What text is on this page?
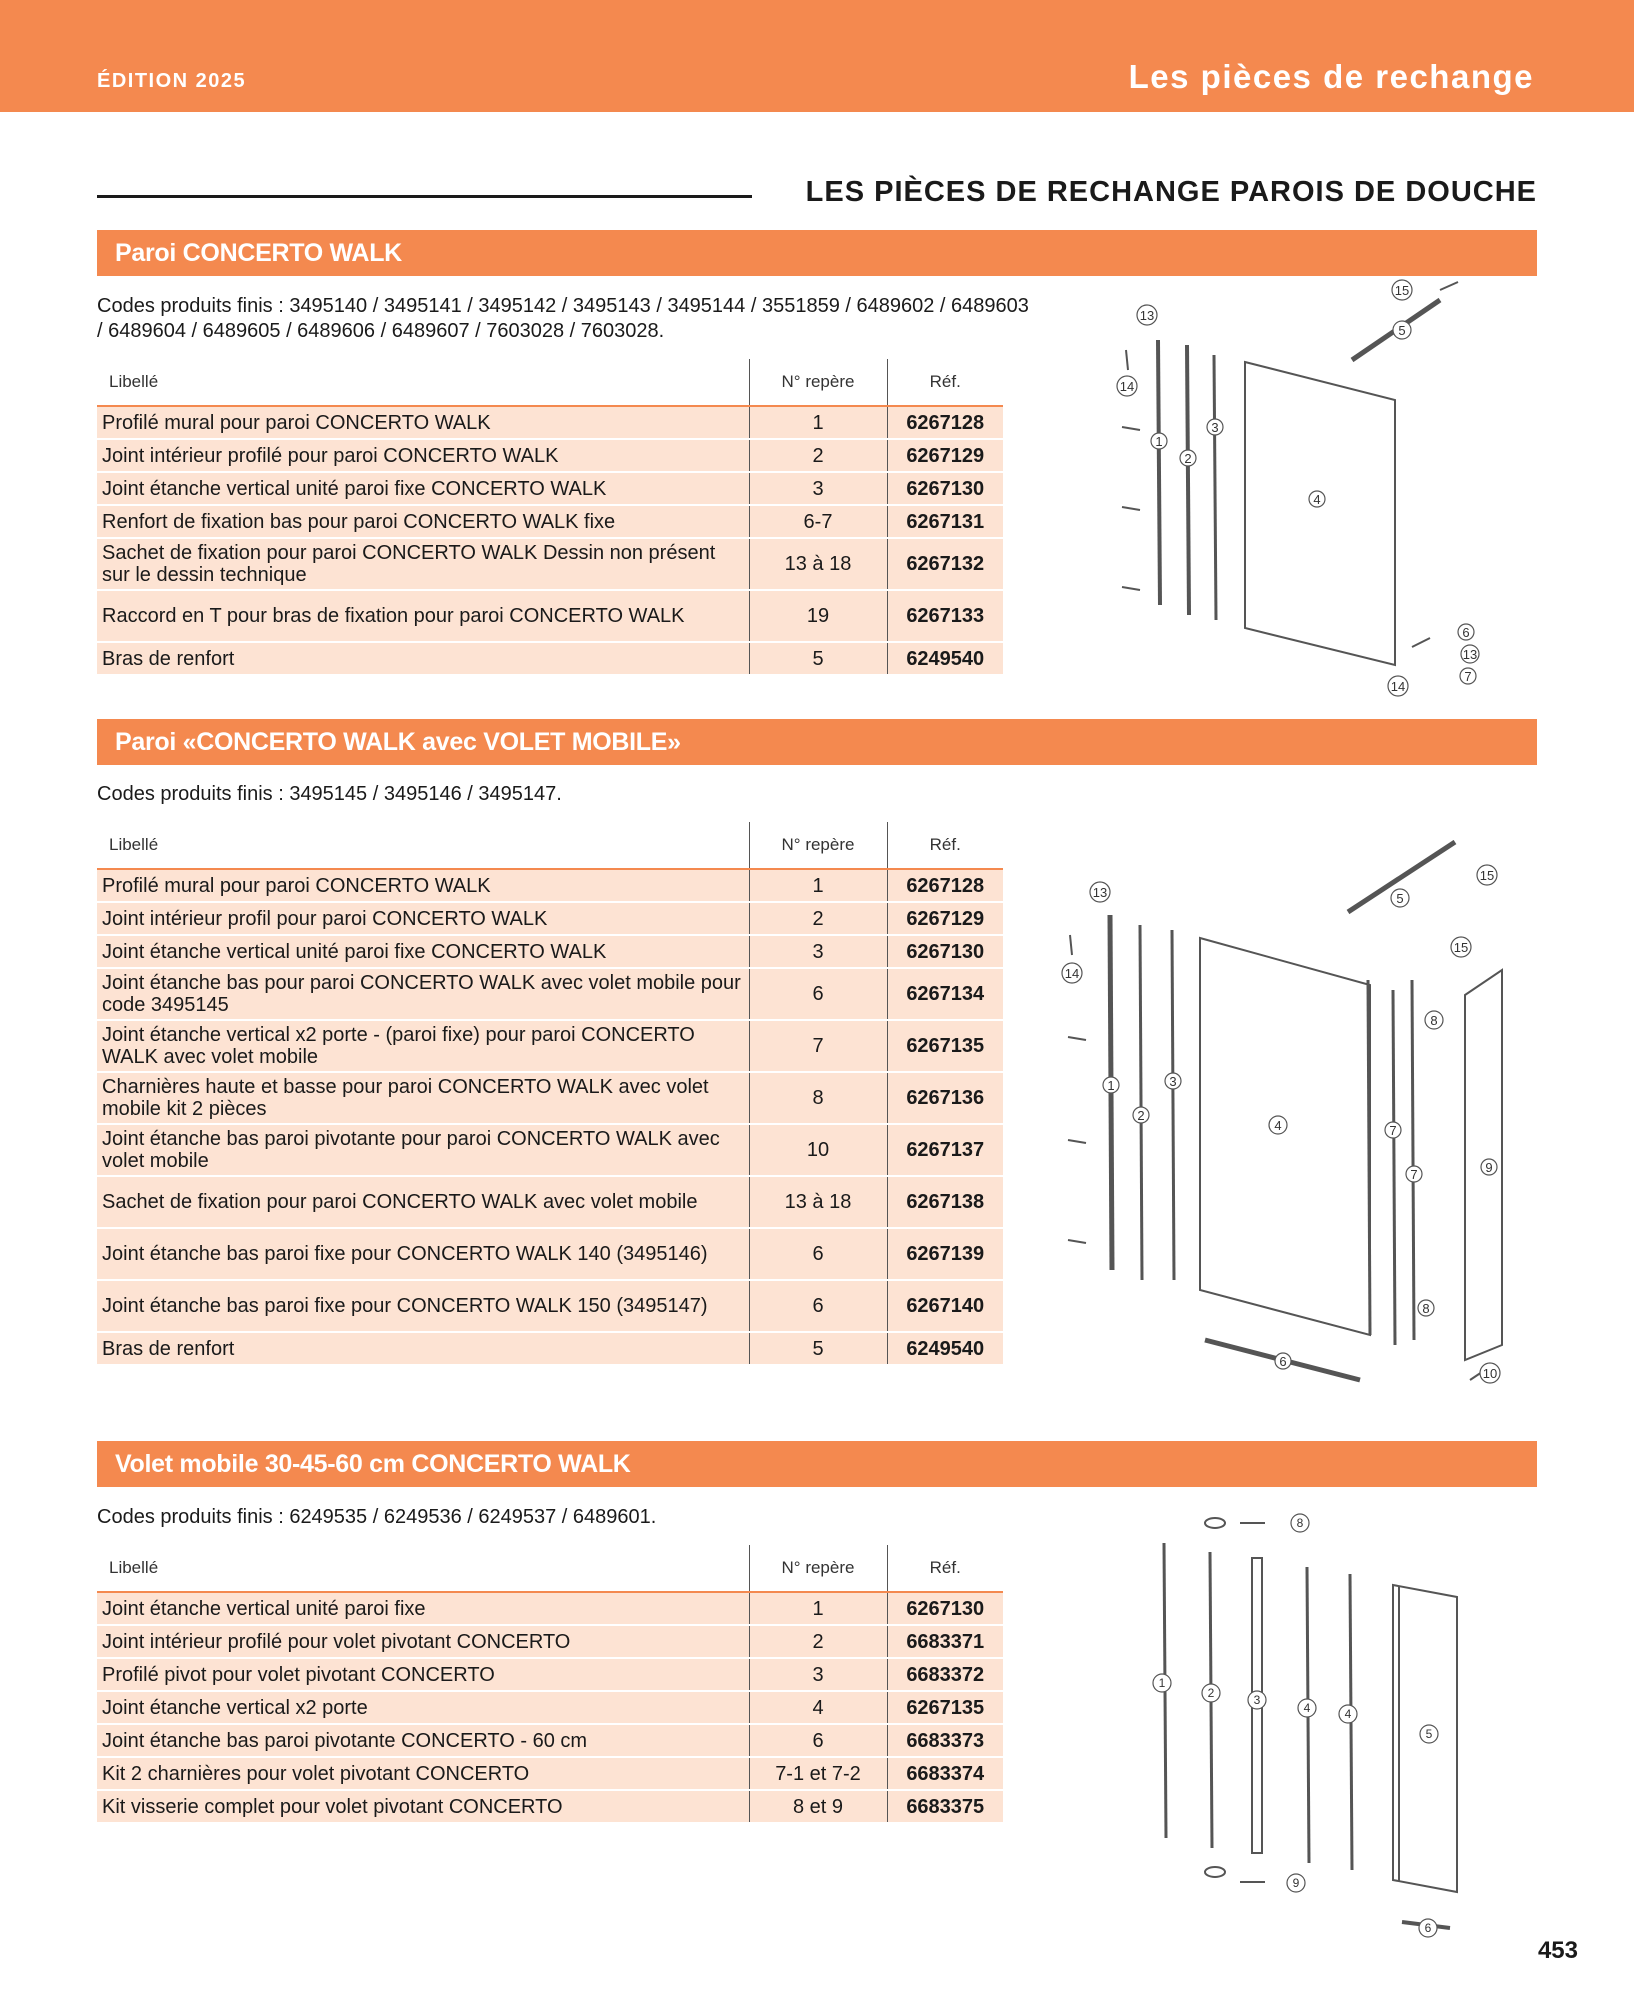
ÉDITION 2025	Les pièces de rechange
LES PIÈCES DE RECHANGE PAROIS DE DOUCHE
Paroi CONCERTO WALK
Codes produits finis : 3495140 / 3495141 / 3495142 / 3495143 / 3495144 / 3551859 / 6489602 / 6489603 / 6489604 / 6489605 / 6489606 / 6489607 / 7603028 / 7603028.
Libellé	N° repère	Réf.
Profilé mural pour paroi CONCERTO WALK	1	6267128
Joint intérieur profilé pour paroi CONCERTO WALK	2	6267129
Joint étanche vertical unité paroi fixe CONCERTO WALK	3	6267130
Renfort de fixation bas pour paroi CONCERTO WALK fixe	6-7	6267131
Sachet de fixation pour paroi CONCERTO WALK Dessin non présent sur le dessin technique	13 à 18	6267132
Raccord en T pour bras de fixation pour paroi CONCERTO WALK	19	6267133
Bras de renfort	5	6249540
15
13
5
14
1
2
3
4
6
13
7
14
Paroi «CONCERTO WALK avec VOLET MOBILE»
Codes produits finis : 3495145 / 3495146 / 3495147.
Libellé	N° repère	Réf.
Profilé mural pour paroi CONCERTO WALK	1	6267128
Joint intérieur profil pour paroi CONCERTO WALK	2	6267129
Joint étanche vertical unité paroi fixe CONCERTO WALK	3	6267130
Joint étanche bas pour paroi CONCERTO WALK avec volet mobile pour code 3495145	6	6267134
Joint étanche vertical x2 porte - (paroi fixe) pour paroi CONCERTO WALK avec volet mobile	7	6267135
Charnières haute et basse pour paroi CONCERTO WALK avec volet mobile kit 2 pièces	8	6267136
Joint étanche bas paroi pivotante pour paroi CONCERTO WALK avec volet mobile	10	6267137
Sachet de fixation pour paroi CONCERTO WALK avec volet mobile	13 à 18	6267138
Joint étanche bas paroi fixe pour CONCERTO WALK 140 (3495146)	6	6267139
Joint étanche bas paroi fixe pour CONCERTO WALK 150 (3495147)	6	6267140
Bras de renfort	5	6249540
13	5
15
14
15
8
1
2
3
4	7
7	9
8
6
10
Volet mobile 30-45-60 cm CONCERTO WALK
Codes produits finis : 6249535 / 6249536 / 6249537 / 6489601.
Libellé	N° repère	Réf.
Joint étanche vertical unité paroi fixe	1	6267130
Joint intérieur profilé pour volet pivotant CONCERTO	2	6683371
Profilé pivot pour volet pivotant CONCERTO	3	6683372
Joint étanche vertical x2 porte	4	6267135
Joint étanche bas paroi pivotante CONCERTO - 60 cm	6	6683373
Kit 2 charnières pour volet pivotant CONCERTO	7-1 et 7-2	6683374
Kit visserie complet pour volet pivotant CONCERTO	8 et 9	6683375
8
1
2	3
4	4
5
9
6
453
